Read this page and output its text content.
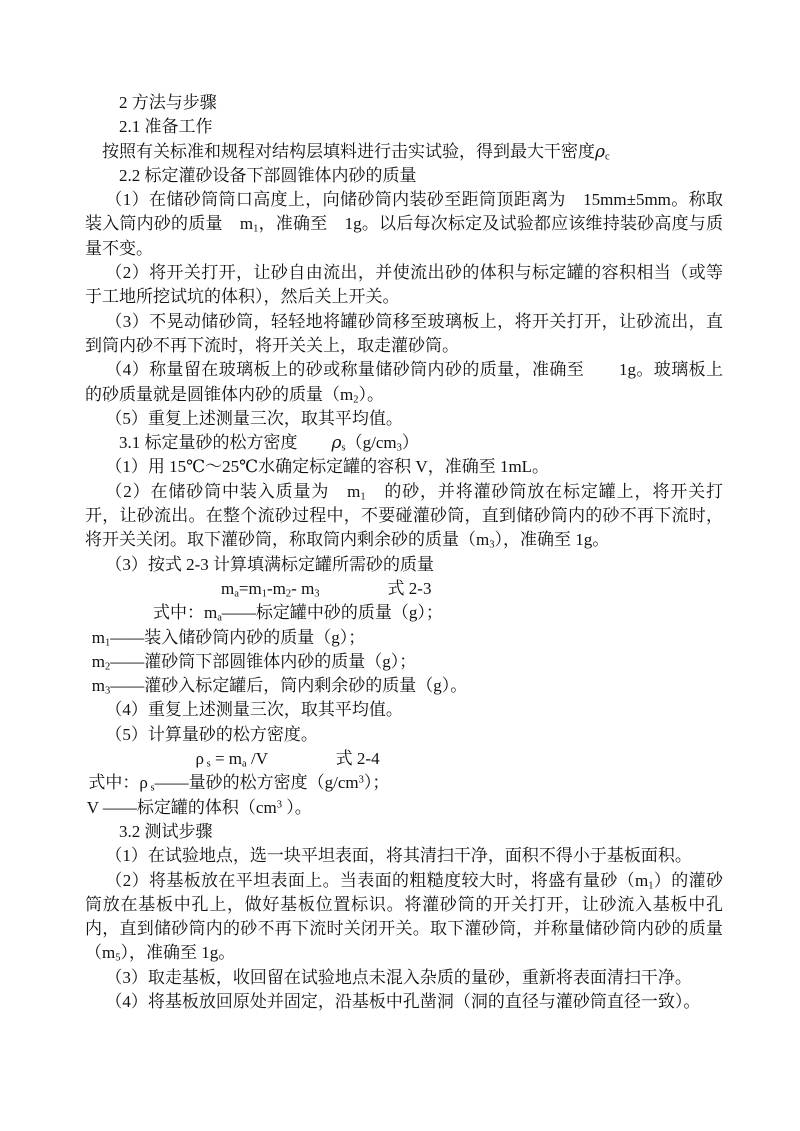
2 方法与步骤

2.1 准备工作

按照有关标准和规程对结构层填料进行击实试验，得到最大干密度$\rho_c$

2.2 标定灌砂设备下部圆锥体内砂的质量

（1）在储砂筒筒口高度上，向储砂筒内装砂至距筒顶距离为　15mm±5mm。称取装入筒内砂的质量　$m_1$，准确至　1g。以后每次标定及试验都应该维持装砂高度与质量不变。

（2）将开关打开，让砂自由流出，并使流出砂的体积与标定罐的容积相当（或等于工地所挖试坑的体积），然后关上开关。

（3）不晃动储砂筒，轻轻地将罐砂筒移至玻璃板上，将开关打开，让砂流出，直到筒内砂不再下流时，将开关关上，取走灌砂筒。

（4）称量留在玻璃板上的砂或称量储砂筒内砂的质量，准确至　　1g。玻璃板上的砂质量就是圆锥体内砂的质量$(m_2)$。

（5）重复上述测量三次，取其平均值。

3.1 标定量砂的松方密度　　$\rho_s(g/cm_3)$

（1）用 15℃～25℃水确定标定罐的容积 V，准确至 1mL。

（2）在储砂筒中装入质量为　$m_1$　的砂，并将灌砂筒放在标定罐上，将开关打开，让砂流出。在整个流砂过程中，不要碰灌砂筒，直到储砂筒内的砂不再下流时，将开关关闭。取下灌砂筒，称取筒内剩余砂的质量$(m_3)$，准确至 1g。

（3）按式 2-3 计算填满标定罐所需砂的质量

$m_a=m_1-m_2-$ $m_3$　　　　式 2-3

式中：$m_a——$标定罐中砂的质量（g）；

$m_1——$装入储砂筒内砂的质量（g）；

$m_2——$灌砂筒下部圆锥体内砂的质量（g）；

$m_3——$灌砂入标定罐后，筒内剩余砂的质量（g）。

（4）重复上述测量三次，取其平均值。

（5）计算量砂的松方密度。

ρ $_s = m_a$ /V　　　　式 2-4

式中：ρ $_s$——量砂的松方密度$(g/cm^3)$；

V ——标定罐的体积（$cm^3$ ）。

3.2 测试步骤

（1）在试验地点，选一块平坦表面，将其清扫干净，面积不得小于基板面积。

（2）将基板放在平坦表面上。当表面的粗糙度较大时，将盛有量砂$(m_1)$的灌砂筒放在基板中孔上，做好基板位置标识。将灌砂筒的开关打开，让砂流入基板中孔内，直到储砂筒内的砂不再下流时关闭开关。取下灌砂筒，并称量储砂筒内砂的质量$(m_5)$，准确至 1g。

（3）取走基板，收回留在试验地点未混入杂质的量砂，重新将表面清扫干净。

（4）将基板放回原处并固定，沿基板中孔凿洞（洞的直径与灌砂筒直径一致）。
